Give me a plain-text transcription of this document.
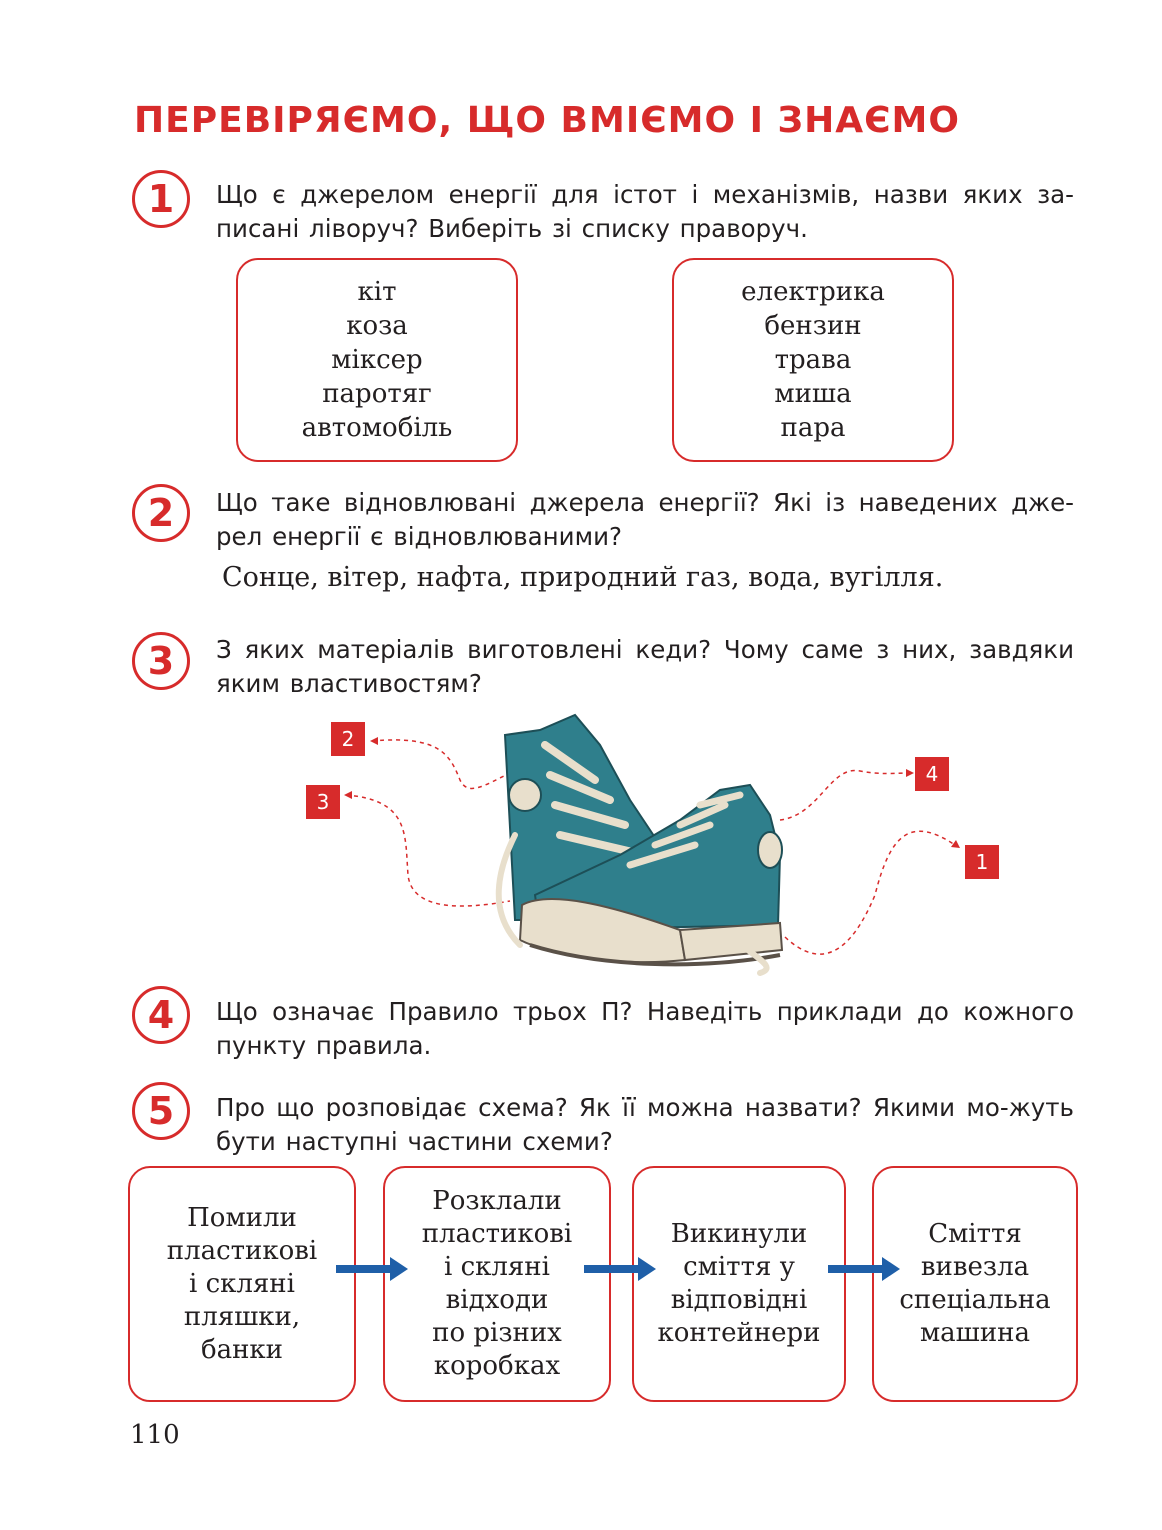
ПЕРЕВІРЯЄМО, ЩО ВМІЄМО І ЗНАЄМО
1	Що є джерелом енергії для істот і механізмів, назви яких за-писані ліворуч? Виберіть зі списку праворуч.
кіт
коза
міксер
паротяг
автомобіль
електрика
бензин
трава
миша
пара
2	Що таке відновлювані джерела енергії? Які із наведених дже-рел енергії є відновлюваними?
Сонце, вітер, нафта, природний газ, вода, вугілля.
3	З яких матеріалів виготовлені кеди? Чому саме з них, завдяки яким властивостям?
2
3
4
1
4	Що означає Правило трьох П? Наведіть приклади до кожного пункту правила.
5	Про що розповідає схема? Як її можна назвати? Якими мо-жуть бути наступні частини схеми?
Помили
пластикові
і скляні
пляшки,
банки
Розклали
пластикові
і скляні
відходи
по різних
коробках
Викинули
сміття у
відповідні
контейнери
Сміття
вивезла
спеціальна
машина
110
